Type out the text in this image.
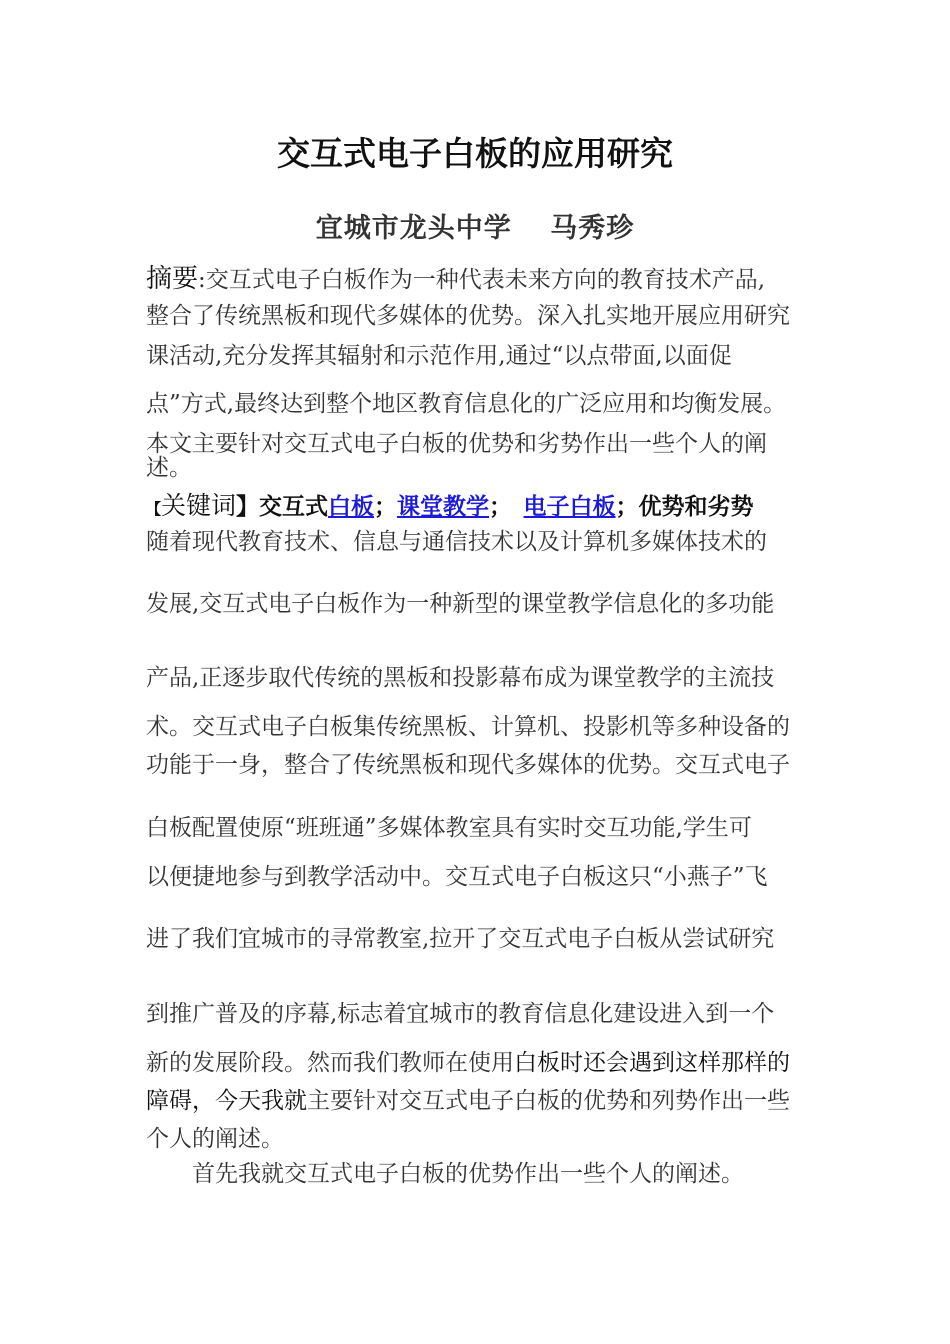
交互式电子白板的应用研究
宜城市龙头中学　 马秀珍
摘要:交互式电子白板作为一种代表未来方向的教育技术产品,
整合了传统黑板和现代多媒体的优势。深入扎实地开展应用研究
课活动,充分发挥其辐射和示范作用,通过“以点带面,以面促
点”方式,最终达到整个地区教育信息化的广泛应用和均衡发展。
本文主要针对交互式电子白板的优势和劣势作出一些个人的阐
述。
【关键词】交互式白板；课堂教学；　电子白板；优势和劣势
随着现代教育技术、信息与通信技术以及计算机多媒体技术的
发展,交互式电子白板作为一种新型的课堂教学信息化的多功能
产品,正逐步取代传统的黑板和投影幕布成为课堂教学的主流技
术。交互式电子白板集传统黑板、计算机、投影机等多种设备的
功能于一身，整合了传统黑板和现代多媒体的优势。交互式电子
白板配置使原“班班通”多媒体教室具有实时交互功能,学生可
以便捷地参与到教学活动中。交互式电子白板这只“小燕子”飞
进了我们宜城市的寻常教室,拉开了交互式电子白板从尝试研究
到推广普及的序幕,标志着宜城市的教育信息化建设进入到一个
新的发展阶段。然而我们教师在使用白板时还会遇到这样那样的
障碍，今天我就主要针对交互式电子白板的优势和列势作出一些
个人的阐述。
　　首先我就交互式电子白板的优势作出一些个人的阐述。
